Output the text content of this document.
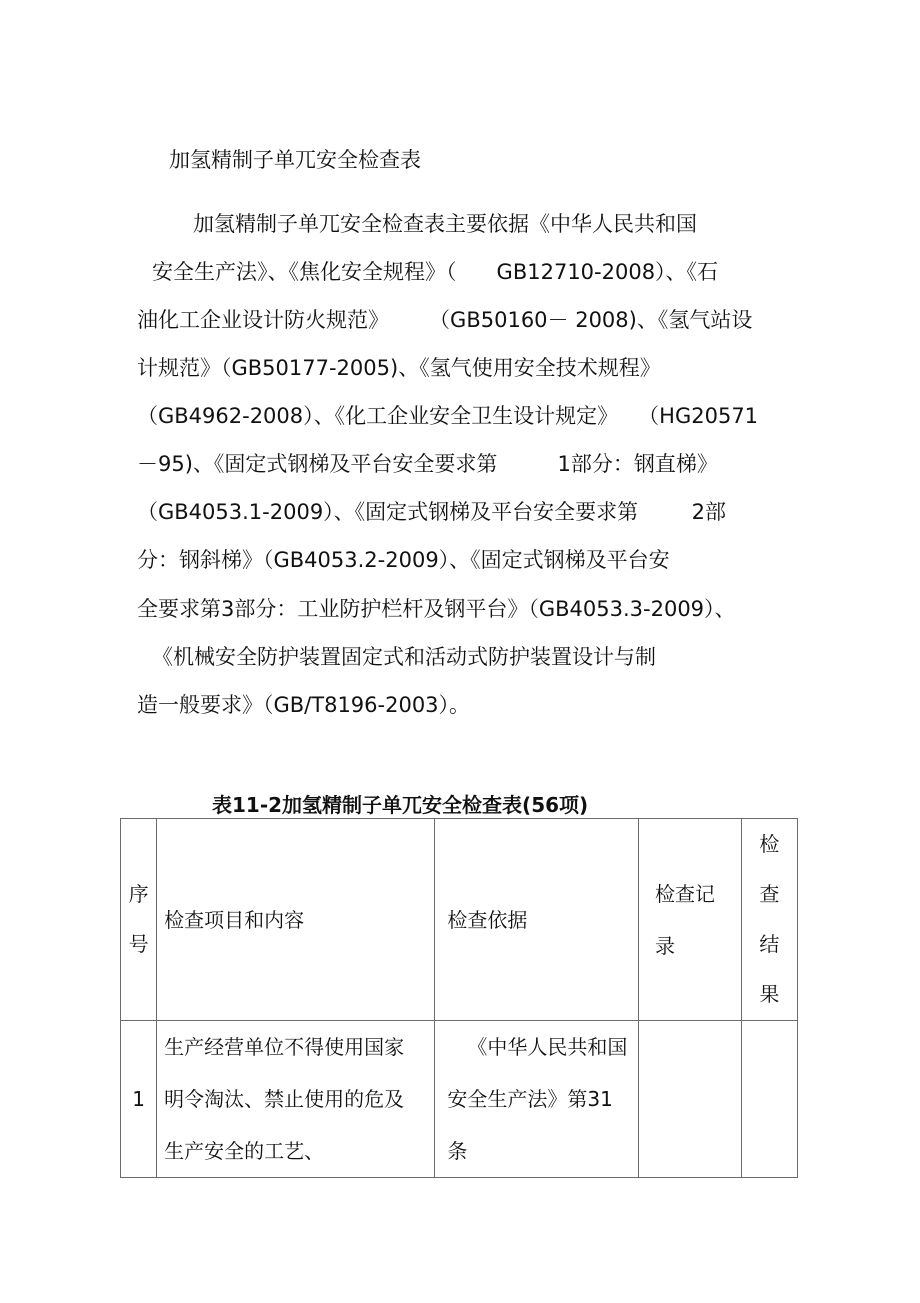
加氢精制子单兀安全检查表
加氢精制子单兀安全检查表主要依据《中华人民共和国
安全生产法》、《焦化安全规程》（      GB12710-2008）、《石
油化工企业设计防火规范》      （GB50160－ 2008)、《氢气站设
计规范》（GB50177-2005)、《氢气使用安全技术规程》
（GB4962-2008）、《化工企业安全卫生设计规定》   （HG20571
－95)、《固定式钢梯及平台安全要求第         1部分：钢直梯》
（GB4053.1-2009）、《固定式钢梯及平台安全要求第        2部
分：钢斜梯》（GB4053.2-2009）、《固定式钢梯及平台安
全要求第3部分：工业防护栏杆及钢平台》（GB4053.3-2009）、
《机械安全防护装置固定式和活动式防护装置设计与制
造一般要求》（GB/T8196-2003）。
表11-2加氢精制子单兀安全检查表(56项)
序号	检查项目和内容	检查依据	检查记录	检查结果
1	生产经营单位不得使用国家明令淘汰、禁止使用的危及生产安全的工艺、	《中华人民共和国安全生产法》第31条		
